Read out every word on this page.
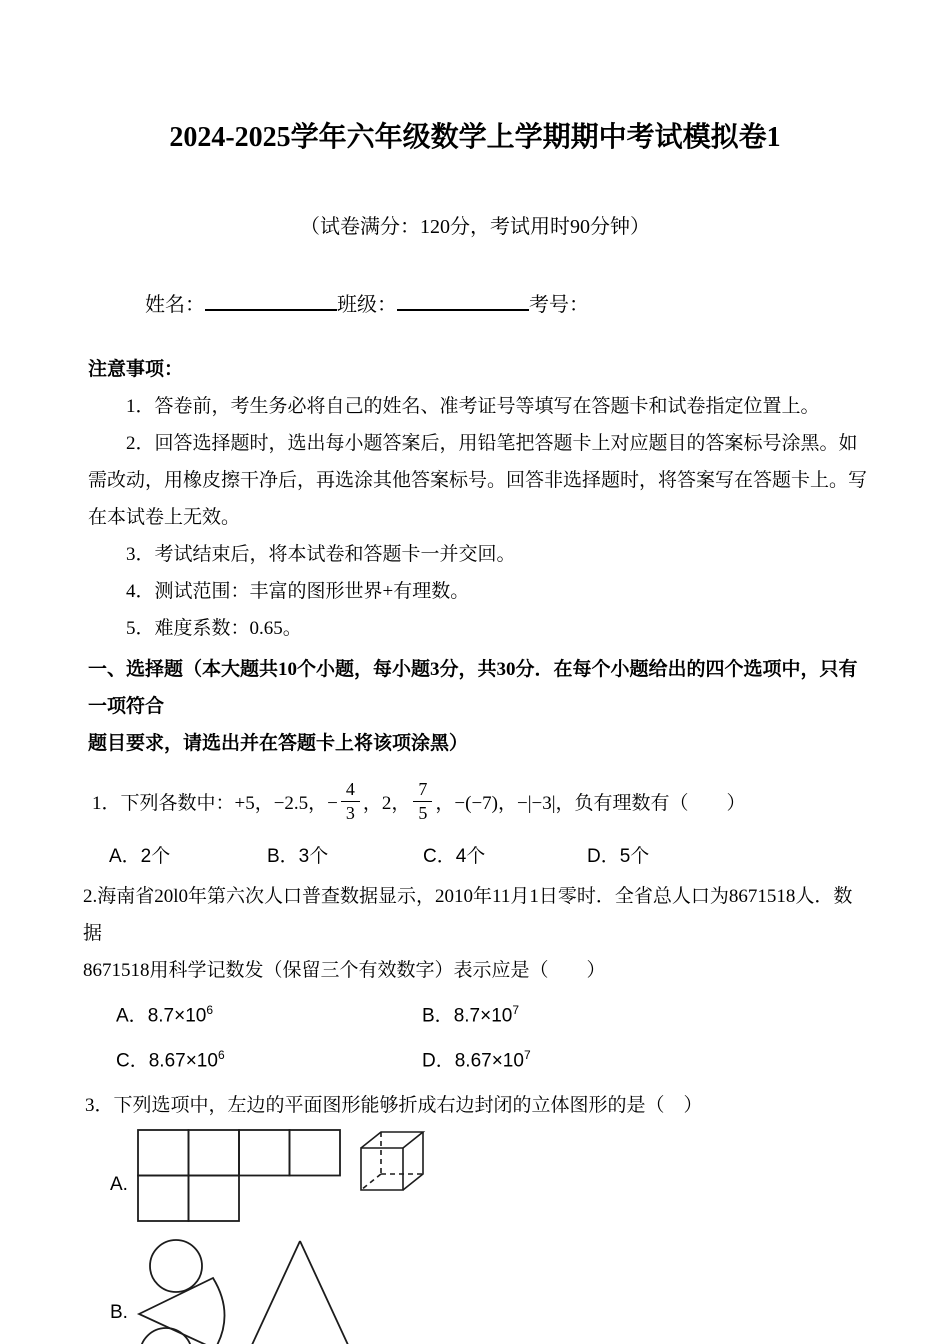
2024-2025学年六年级数学上学期期中考试模拟卷1
（试卷满分：120分，考试用时90分钟）
姓名：	班级：	考号：
注意事项：
1．答卷前，考生务必将自己的姓名、准考证号等填写在答题卡和试卷指定位置上。
2．回答选择题时，选出每小题答案后，用铅笔把答题卡上对应题目的答案标号涂黑。如
需改动，用橡皮擦干净后，再选涂其他答案标号。回答非选择题时，将答案写在答题卡上。写
在本试卷上无效。
3．考试结束后，将本试卷和答题卡一并交回。
4．测试范围：丰富的图形世界+有理数。
5．难度系数：0.65。
一、选择题（本大题共10个小题，每小题3分，共30分．在每个小题给出的四个选项中，只有一项符合
题目要求，请选出并在答题卡上将该项涂黑）
1．下列各数中：+5，−2.5，− $\frac{4}{3}$ ，2， $\frac{7}{5}$ ，−(−7)，−|−3|，负有理数有（　　）
A．2个	B．3个	C．4个	D．5个
2.海南省20l0年第六次人口普查数据显示，2010年11月1日零时．全省总人口为8671518人．数据
8671518用科学记数发（保留三个有效数字）表示应是（　　）
A．$8.7\times 10^6$	B．$8.7\times 10^7$
C．$8.67\times 10^6$	D．$8.67\times 10^7$
3．下列选项中，左边的平面图形能够折成右边封闭的立体图形的是（　）
A.
B.
